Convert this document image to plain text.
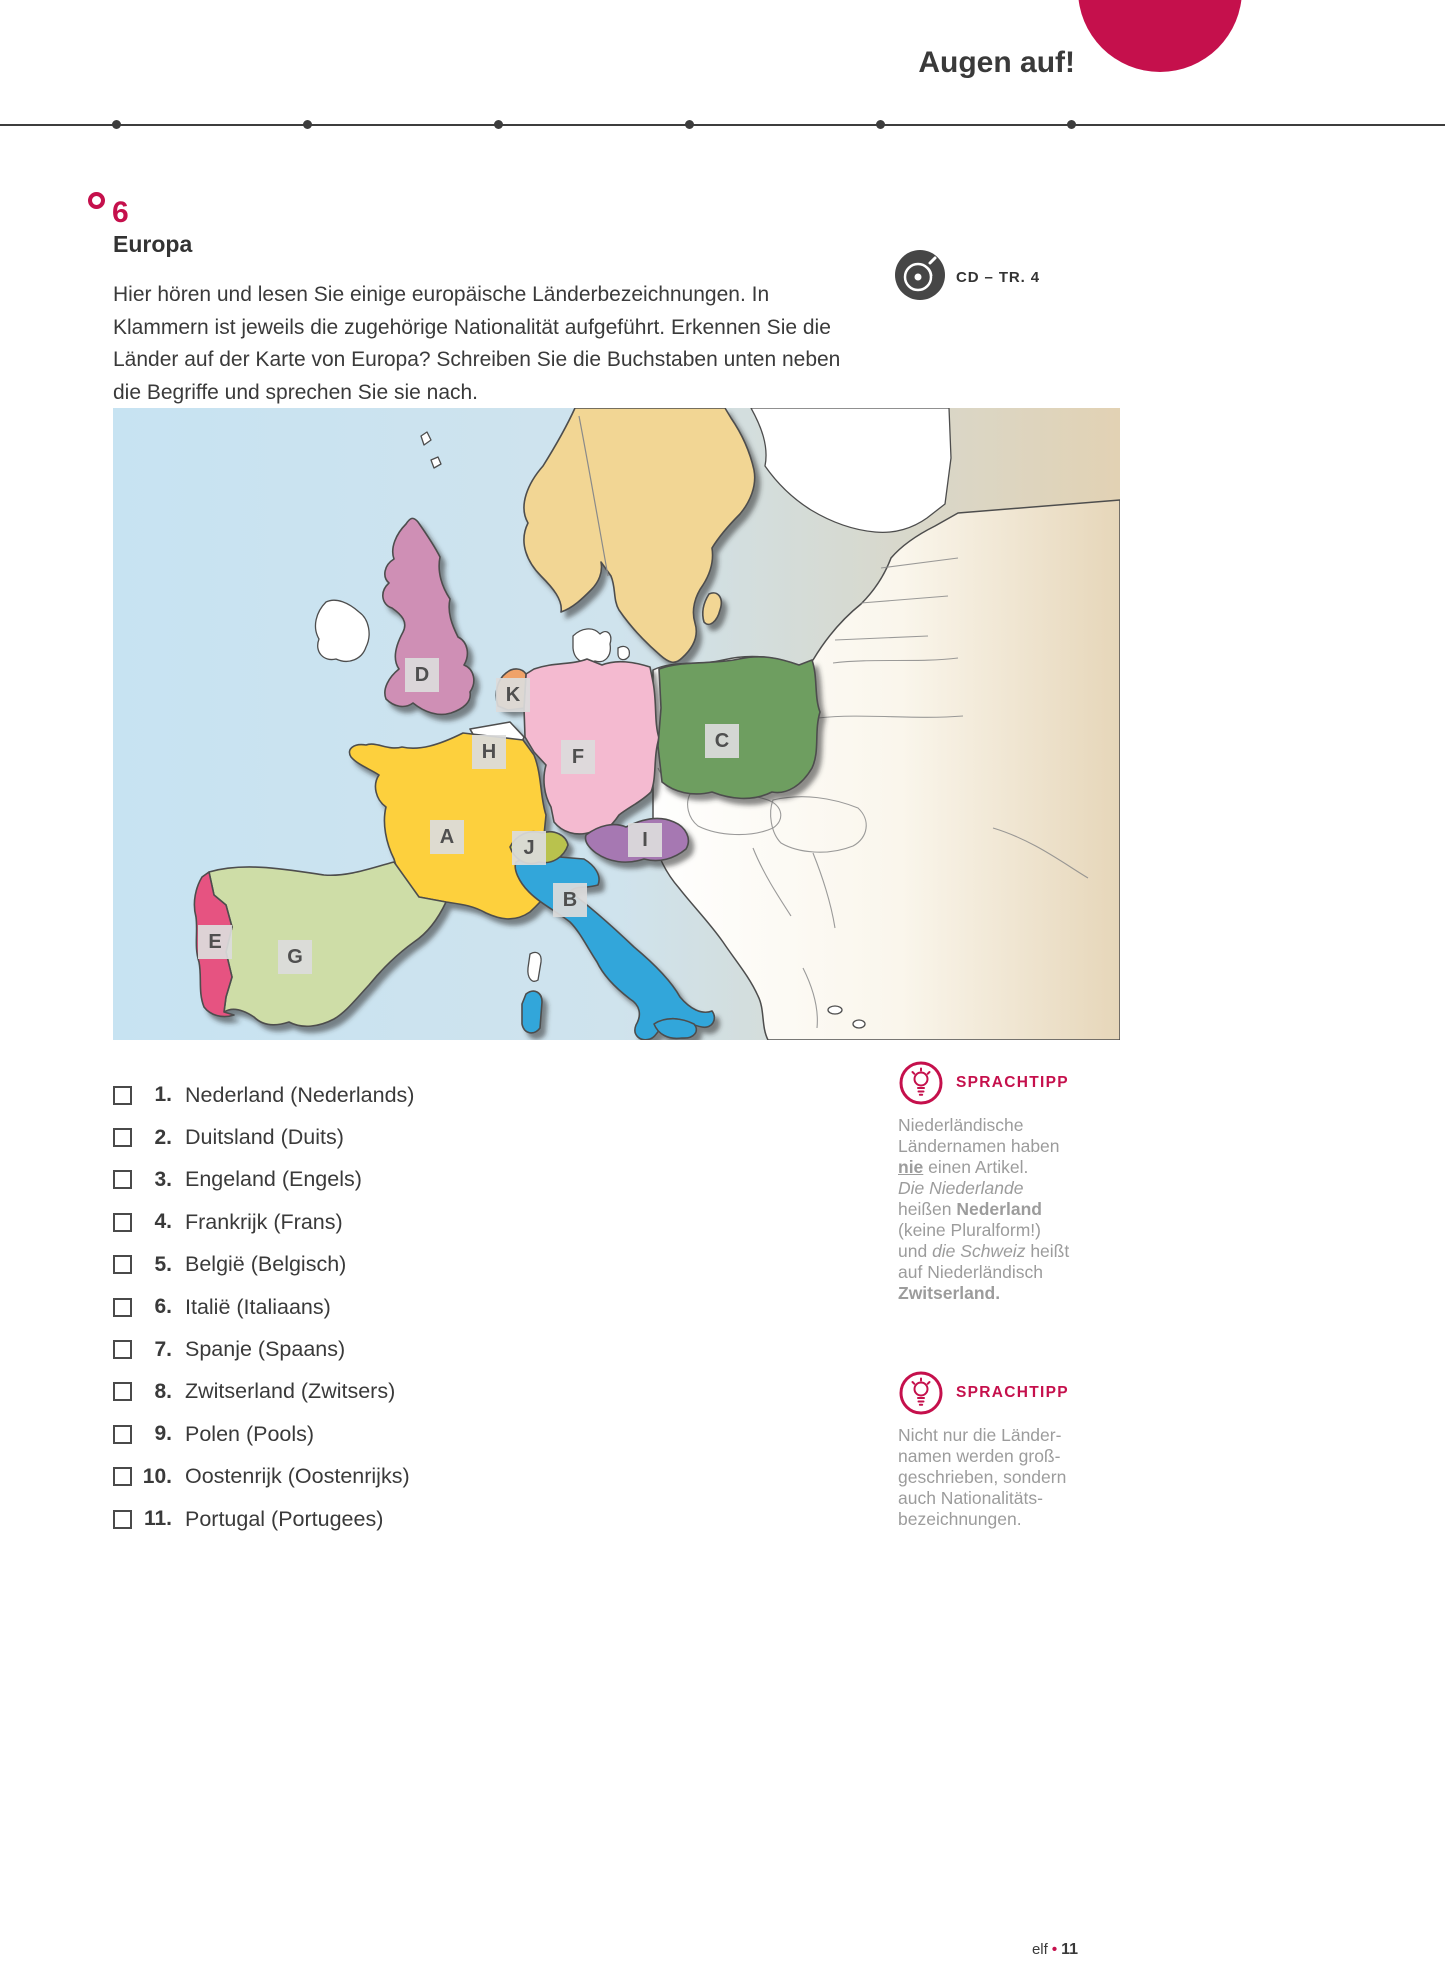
Augen auf!
6
Europa

Hier hören und lesen Sie einige europäische Länderbezeichnungen. In Klammern ist jeweils die zugehörige Nationalität aufgeführt. Erkennen Sie die Länder auf der Karte von Europa? Schreiben Sie die Buchstaben unten neben die Begriffe und sprechen Sie sie nach.

CD – TR. 4
A
B
C
D
E
F
G
H
I
J
K
1. Nederland (Nederlands)
2. Duitsland (Duits)
3. Engeland (Engels)
4. Frankrijk (Frans)
5. België (Belgisch)
6. Italië (Italiaans)
7. Spanje (Spaans)
8. Zwitserland (Zwitsers)
9. Polen (Pools)
10. Oostenrijk (Oostenrijks)
11. Portugal (Portugees)
SPRACHTIPP
Niederländische
Ländernamen haben
nie einen Artikel.
Die Niederlande
heißen Nederland
(keine Pluralform!)
und die Schweiz heißt
auf Niederländisch
Zwitserland.
SPRACHTIPP
Nicht nur die Länder-
namen werden groß-
geschrieben, sondern
auch Nationalitäts-
bezeichnungen.
elf • 11
